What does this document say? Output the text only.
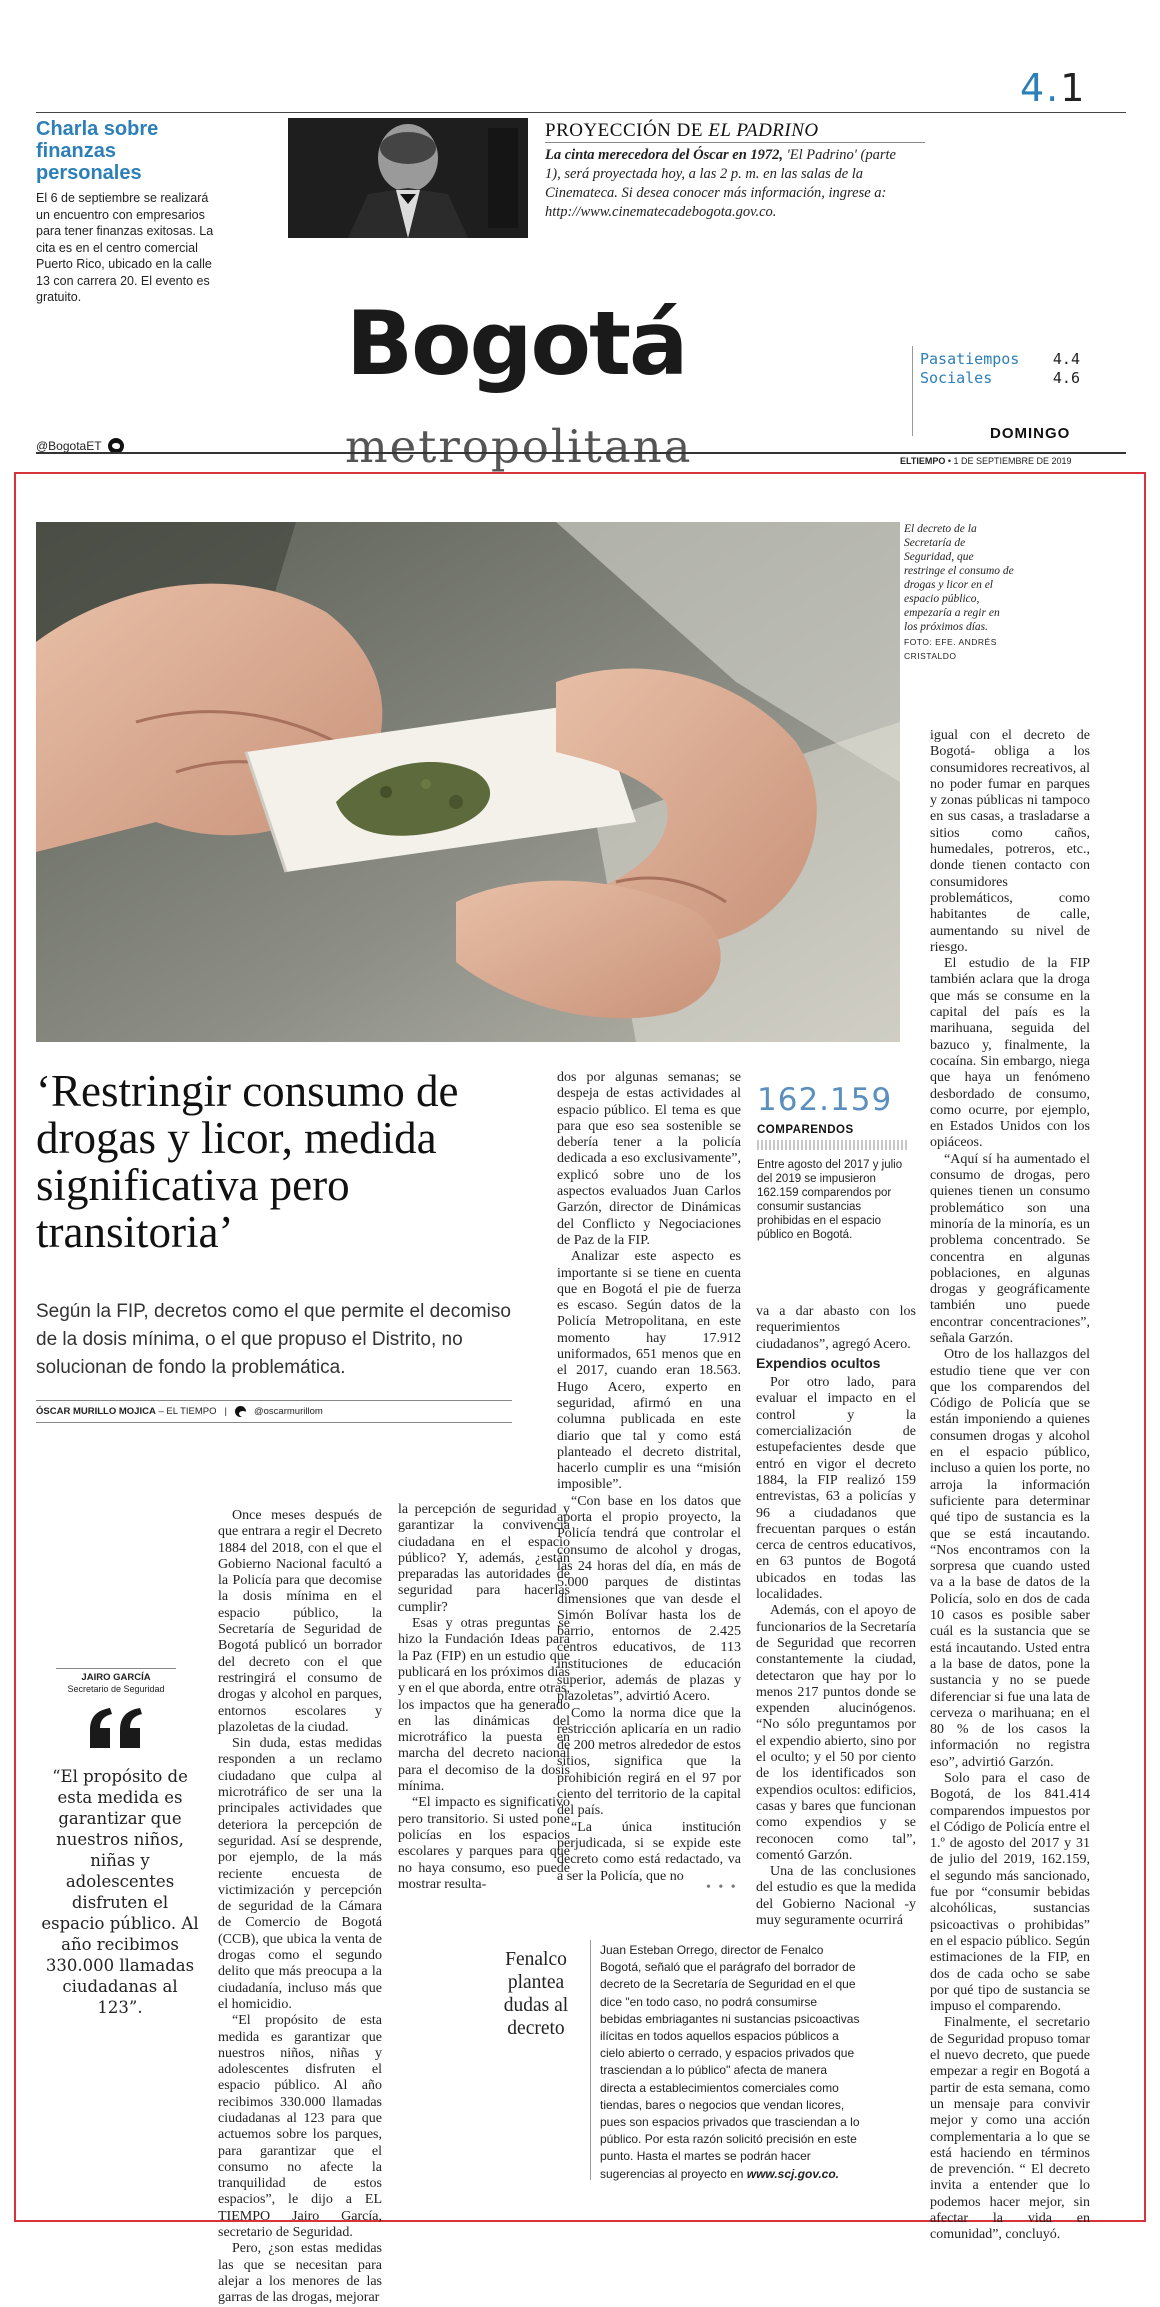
4.1
Charla sobre finanzas personales
El 6 de septiembre se realizará un encuentro con empresarios para tener finanzas exitosas. La cita es en el centro comercial Puerto Rico, ubicado en la calle 13 con carrera 20. El evento es gratuito.
PROYECCIÓN DE EL PADRINO
La cinta merecedora del Óscar en 1972, 'El Padrino' (parte 1), será proyectada hoy, a las 2 p. m. en las salas de la Cinemateca. Si desea conocer más información, ingrese a: http://www.cinematecadebogota.gov.co.
Bogotá
metropolitana
Pasatiempos 4.4
Sociales	4.6
@BogotaET
DOMINGO
ELTIEMPO • 1 DE SEPTIEMBRE DE 2019
El decreto de la Secretaría de Seguridad, que restringe el consumo de drogas y licor en el espacio público, empezaría a regir en los próximos días.
FOTO: EFE. ANDRÉS CRISTALDO
‘Restringir consumo de drogas y licor, medida significativa pero transitoria’
Según la FIP, decretos como el que permite el decomiso de la dosis mínima, o el que propuso el Distrito, no solucionan de fondo la problemática.
ÓSCAR MURILLO MOJICA – EL TIEMPO |	@oscarmurillom
JAIRO GARCÍA
Secretario de Seguridad
“El propósito de esta medida es garantizar que nuestros niños, niñas y adolescentes disfruten el espacio público. Al año recibimos 330.000 llamadas ciudadanas al 123”.

Once meses después de que entrara a regir el Decreto 1884 del 2018, con el que el Gobierno Nacional facultó a la Policía para que decomise la dosis mínima en el espacio público, la Secretaría de Seguridad de Bogotá publicó un borrador del decreto con el que restringirá el consumo de drogas y alcohol en parques, entornos escolares y plazoletas de la ciudad.

Sin duda, estas medidas responden a un reclamo ciudadano que culpa al microtráfico de ser una la principales actividades que deteriora la percepción de seguridad. Así se desprende, por ejemplo, de la más reciente encuesta de victimización y percepción de seguridad de la Cámara de Comercio de Bogotá (CCB), que ubica la venta de drogas como el segundo delito que más preocupa a la ciudadanía, incluso más que el homicidio.

“El propósito de esta medida es garantizar que nuestros niños, niñas y adolescentes disfruten el espacio público. Al año recibimos 330.000 llamadas ciudadanas al 123 para que actuemos sobre los parques, para garantizar que el consumo no afecte la tranquilidad de estos espacios”, le dijo a EL TIEMPO Jairo García, secretario de Seguridad.

Pero, ¿son estas medidas las que se necesitan para alejar a los menores de las garras de las drogas, mejorar

la percepción de seguridad y garantizar la convivencia ciudadana en el espacio público? Y, además, ¿están preparadas las autoridades de seguridad para hacerlas cumplir?

Esas y otras preguntas se hizo la Fundación Ideas para la Paz (FIP) en un estudio que publicará en los próximos días y en el que aborda, entre otras, los impactos que ha generado en las dinámicas del microtráfico la puesta en marcha del decreto nacional para el decomiso de la dosis mínima.

“El impacto es significativo pero transitorio. Si usted pone policías en los espacios escolares y parques para que no haya consumo, eso puede mostrar resulta-

dos por algunas semanas; se despeja de estas actividades al espacio público. El tema es que para que eso sea sostenible se debería tener a la policía dedicada a eso exclusivamente”, explicó sobre uno de los aspectos evaluados Juan Carlos Garzón, director de Dinámicas del Conflicto y Negociaciones de Paz de la FIP.

Analizar este aspecto es importante si se tiene en cuenta que en Bogotá el pie de fuerza es escaso. Según datos de la Policía Metropolitana, en este momento hay 17.912 uniformados, 651 menos que en el 2017, cuando eran 18.563. Hugo Acero, experto en seguridad, afirmó en una columna publicada en este diario que tal y como está planteado el decreto distrital, hacerlo cumplir es una “misión imposible”.

“Con base en los datos que aporta el propio proyecto, la Policía tendrá que controlar el consumo de alcohol y drogas, las 24 horas del día, en más de 5.000 parques de distintas dimensiones que van desde el Simón Bolívar hasta los de barrio, entornos de 2.425 centros educativos, de 113 instituciones de educación superior, además de plazas y plazoletas”, advirtió Acero.

Como la norma dice que la restricción aplicaría en un radio de 200 metros alrededor de estos sitios, significa que la prohibición regirá en el 97 por ciento del territorio de la capital del país.

“La única institución perjudicada, si se expide este decreto como está redactado, va a ser la Policía, que no

162.159
COMPARENDOS
Entre agosto del 2017 y julio del 2019 se impusieron 162.159 comparendos por consumir sustancias prohibidas en el espacio público en Bogotá.

va a dar abasto con los requerimientos ciudadanos”, agregó Acero.

Expendios ocultos

Por otro lado, para evaluar el impacto en el control y la comercialización de estupefacientes desde que entró en vigor el decreto 1884, la FIP realizó 159 entrevistas, 63 a policías y 96 a ciudadanos que frecuentan parques o están cerca de centros educativos, en 63 puntos de Bogotá ubicados en todas las localidades.

Además, con el apoyo de funcionarios de la Secretaría de Seguridad que recorren constantemente la ciudad, detectaron que hay por lo menos 217 puntos donde se expenden alucinógenos. “No sólo preguntamos por el expendio abierto, sino por el oculto; y el 50 por ciento de los identificados son expendios ocultos: edificios, casas y bares que funcionan como expendios y se reconocen como tal”, comentó Garzón.

Una de las conclusiones del estudio es que la medida del Gobierno Nacional -y muy seguramente ocurrirá

igual con el decreto de Bogotá- obliga a los consumidores recreativos, al no poder fumar en parques y zonas públicas ni tampoco en sus casas, a trasladarse a sitios como caños, humedales, potreros, etc., donde tienen contacto con consumidores problemáticos, como habitantes de calle, aumentando su nivel de riesgo.

El estudio de la FIP también aclara que la droga que más se consume en la capital del país es la marihuana, seguida del bazuco y, finalmente, la cocaína. Sin embargo, niega que haya un fenómeno desbordado de consumo, como ocurre, por ejemplo, en Estados Unidos con los opiáceos.

“Aquí sí ha aumentado el consumo de drogas, pero quienes tienen un consumo problemático son una minoría de la minoría, es un problema concentrado. Se concentra en algunas poblaciones, en algunas drogas y geográficamente también uno puede encontrar concentraciones”, señala Garzón.

Otro de los hallazgos del estudio tiene que ver con que los comparendos del Código de Policía que se están imponiendo a quienes consumen drogas y alcohol en el espacio público, incluso a quien los porte, no arroja la información suficiente para determinar qué tipo de sustancia es la que se está incautando. “Nos encontramos con la sorpresa que cuando usted va a la base de datos de la Policía, solo en dos de cada 10 casos es posible saber cuál es la sustancia que se está incautando. Usted entra a la base de datos, pone la sustancia y no se puede diferenciar si fue una lata de cerveza o marihuana; en el 80 % de los casos la información no registra eso”, advirtió Garzón.

Solo para el caso de Bogotá, de los 841.414 comparendos impuestos por el Código de Policía entre el 1.º de agosto del 2017 y 31 de julio del 2019, 162.159, el segundo más sancionado, fue por “consumir bebidas alcohólicas, sustancias psicoactivas o prohibidas” en el espacio público. Según estimaciones de la FIP, en dos de cada ocho se sabe por qué tipo de sustancia se impuso el comparendo.

Finalmente, el secretario de Seguridad propuso tomar el nuevo decreto, que puede empezar a regir en Bogotá a partir de esta semana, como un mensaje para convivir mejor y como una acción complementaria a lo que se está haciendo en términos de prevención. “ El decreto invita a entender que lo podemos hacer mejor, sin afectar la vida en comunidad”, concluyó.

• • •
Fenalco plantea dudas al decreto
Juan Esteban Orrego, director de Fenalco Bogotá, señaló que el parágrafo del borrador de decreto de la Secretaría de Seguridad en el que dice "en todo caso, no podrá consumirse bebidas embriagantes ni sustancias psicoactivas ilícitas en todos aquellos espacios públicos a cielo abierto o cerrado, y espacios privados que trasciendan a lo público" afecta de manera directa a establecimientos comerciales como tiendas, bares o negocios que vendan licores, pues son espacios privados que trasciendan a lo público. Por esta razón solicitó precisión en este punto. Hasta el martes se podrán hacer sugerencias al proyecto en www.scj.gov.co.
